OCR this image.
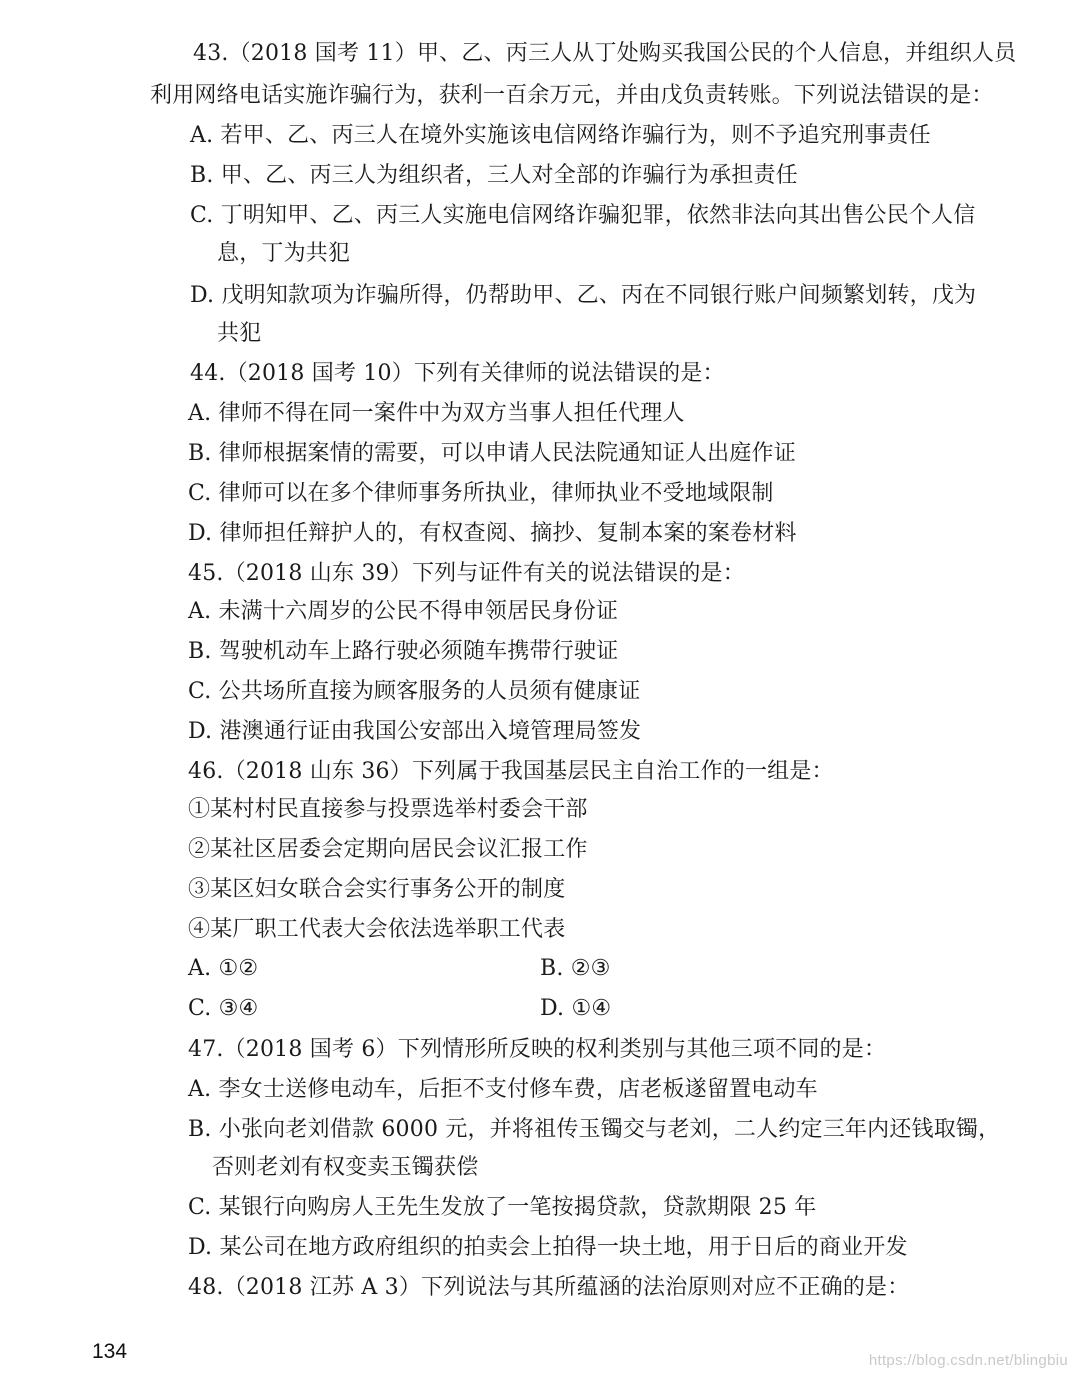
43.（2018 国考 11）甲、乙、丙三人从丁处购买我国公民的个人信息，并组织人员
利用网络电话实施诈骗行为，获利一百余万元，并由戊负责转账。下列说法错误的是：
A. 若甲、乙、丙三人在境外实施该电信网络诈骗行为，则不予追究刑事责任
B. 甲、乙、丙三人为组织者，三人对全部的诈骗行为承担责任
C. 丁明知甲、乙、丙三人实施电信网络诈骗犯罪，依然非法向其出售公民个人信
息，丁为共犯
D. 戊明知款项为诈骗所得，仍帮助甲、乙、丙在不同银行账户间频繁划转，戊为
共犯
44.（2018 国考 10）下列有关律师的说法错误的是：
A. 律师不得在同一案件中为双方当事人担任代理人
B. 律师根据案情的需要，可以申请人民法院通知证人出庭作证
C. 律师可以在多个律师事务所执业，律师执业不受地域限制
D. 律师担任辩护人的，有权查阅、摘抄、复制本案的案卷材料
45.（2018 山东 39）下列与证件有关的说法错误的是：
A. 未满十六周岁的公民不得申领居民身份证
B. 驾驶机动车上路行驶必须随车携带行驶证
C. 公共场所直接为顾客服务的人员须有健康证
D. 港澳通行证由我国公安部出入境管理局签发
46.（2018 山东 36）下列属于我国基层民主自治工作的一组是：
①某村村民直接参与投票选举村委会干部
②某社区居委会定期向居民会议汇报工作
③某区妇女联合会实行事务公开的制度
④某厂职工代表大会依法选举职工代表
A. ①②	B. ②③
C. ③④	D. ①④
47.（2018 国考 6）下列情形所反映的权利类别与其他三项不同的是：
A. 李女士送修电动车，后拒不支付修车费，店老板遂留置电动车
B. 小张向老刘借款 6000 元，并将祖传玉镯交与老刘，二人约定三年内还钱取镯，
否则老刘有权变卖玉镯获偿
C. 某银行向购房人王先生发放了一笔按揭贷款，贷款期限 25 年
D. 某公司在地方政府组织的拍卖会上拍得一块土地，用于日后的商业开发
48.（2018 江苏 A 3）下列说法与其所蕴涵的法治原则对应不正确的是：
134	https://blog.csdn.net/blingbiu
